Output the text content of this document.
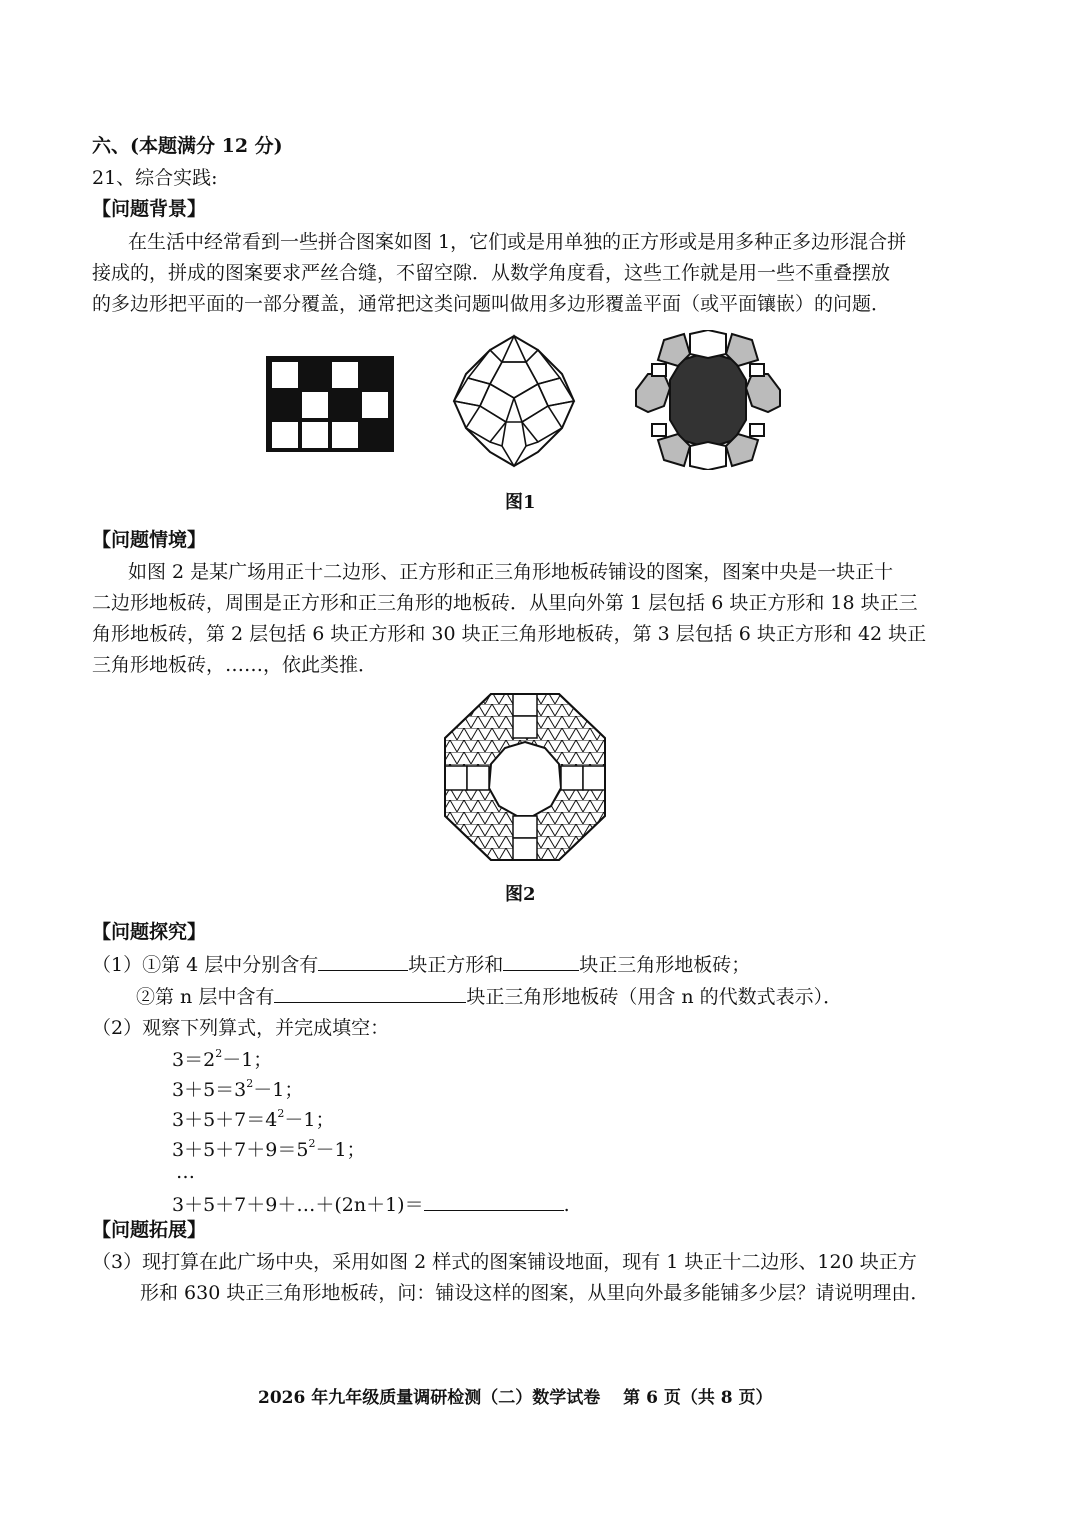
六、(本题满分 12 分)
21、综合实践:
【问题背景】
在生活中经常看到一些拼合图案如图 1，它们或是用单独的正方形或是用多种正多边形混合拼
接成的，拼成的图案要求严丝合缝，不留空隙．从数学角度看，这些工作就是用一些不重叠摆放
的多边形把平面的一部分覆盖，通常把这类问题叫做用多边形覆盖平面（或平面镶嵌）的问题．
图1
【问题情境】
如图 2 是某广场用正十二边形、正方形和正三角形地板砖铺设的图案，图案中央是一块正十
二边形地板砖，周围是正方形和正三角形的地板砖．从里向外第 1 层包括 6 块正方形和 18 块正三
角形地板砖，第 2 层包括 6 块正方形和 30 块正三角形地板砖，第 3 层包括 6 块正方形和 42 块正
三角形地板砖，……，依此类推．
图2
【问题探究】
（1）①第 4 层中分别含有	块正方形和	块正三角形地板砖；
②第 n 层中含有	块正三角形地板砖（用含 n 的代数式表示）．
（2）观察下列算式，并完成填空：
$3=2^2-1$；
$3+5=3^2-1$；
$3+5+7=4^2-1$；
$3+5+7+9=5^2-1$；
…
3＋5＋7＋9＋…＋(2n＋1)＝	.
【问题拓展】
（3）现打算在此广场中央，采用如图 2 样式的图案铺设地面，现有 1 块正十二边形、120 块正方
形和 630 块正三角形地板砖，问：铺设这样的图案，从里向外最多能铺多少层？请说明理由．
2026 年九年级质量调研检测（二）数学试卷　 第 6 页（共 8 页）
